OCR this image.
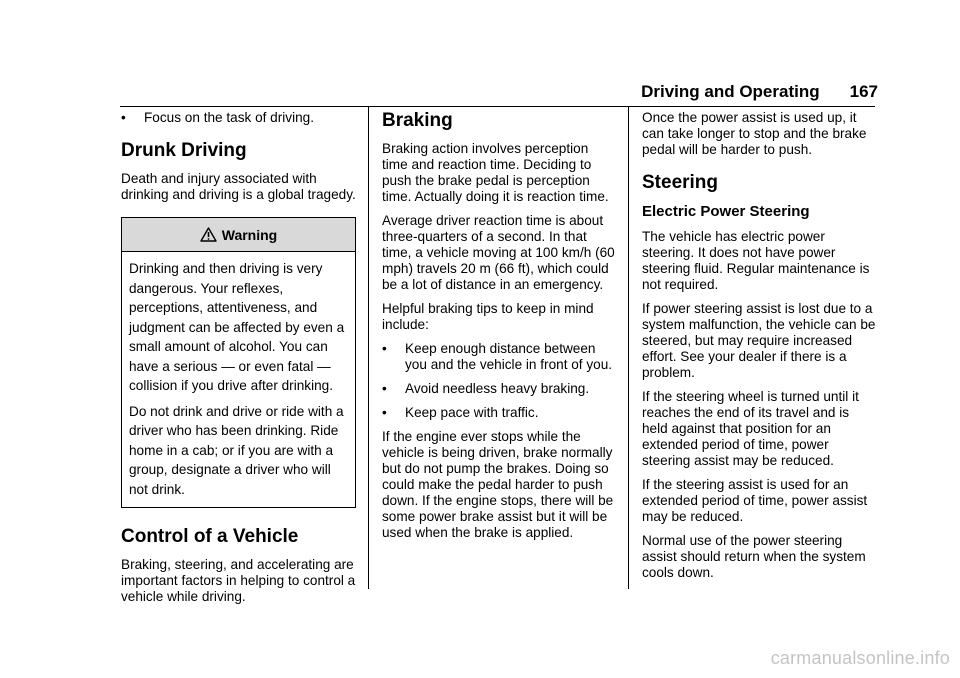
Driving and Operating 167
•	Focus on the task of driving.
Drunk Driving

Death and injury associated with drinking and driving is a global tragedy.

Warning

Drinking and then driving is very dangerous. Your reflexes, perceptions, attentiveness, and judgment can be affected by even a small amount of alcohol. You can have a serious — or even fatal — collision if you drive after drinking.

Do not drink and drive or ride with a driver who has been drinking. Ride home in a cab; or if you are with a group, designate a driver who will not drink.

Control of a Vehicle

Braking, steering, and accelerating are important factors in helping to control a vehicle while driving.

Braking

Braking action involves perception time and reaction time. Deciding to push the brake pedal is perception time. Actually doing it is reaction time.

Average driver reaction time is about three-quarters of a second. In that time, a vehicle moving at 100 km/h (60 mph) travels 20 m (66 ft), which could be a lot of distance in an emergency.

Helpful braking tips to keep in mind include:

•	Keep enough distance between you and the vehicle in front of you.
•	Avoid needless heavy braking.
•	Keep pace with traffic.

If the engine ever stops while the vehicle is being driven, brake normally but do not pump the brakes. Doing so could make the pedal harder to push down. If the engine stops, there will be some power brake assist but it will be used when the brake is applied.

Once the power assist is used up, it can take longer to stop and the brake pedal will be harder to push.

Steering
Electric Power Steering

The vehicle has electric power steering. It does not have power steering fluid. Regular maintenance is not required.

If power steering assist is lost due to a system malfunction, the vehicle can be steered, but may require increased effort. See your dealer if there is a problem.

If the steering wheel is turned until it reaches the end of its travel and is held against that position for an extended period of time, power steering assist may be reduced.

If the steering assist is used for an extended period of time, power assist may be reduced.

Normal use of the power steering assist should return when the system cools down.

carmanualsonline.info
